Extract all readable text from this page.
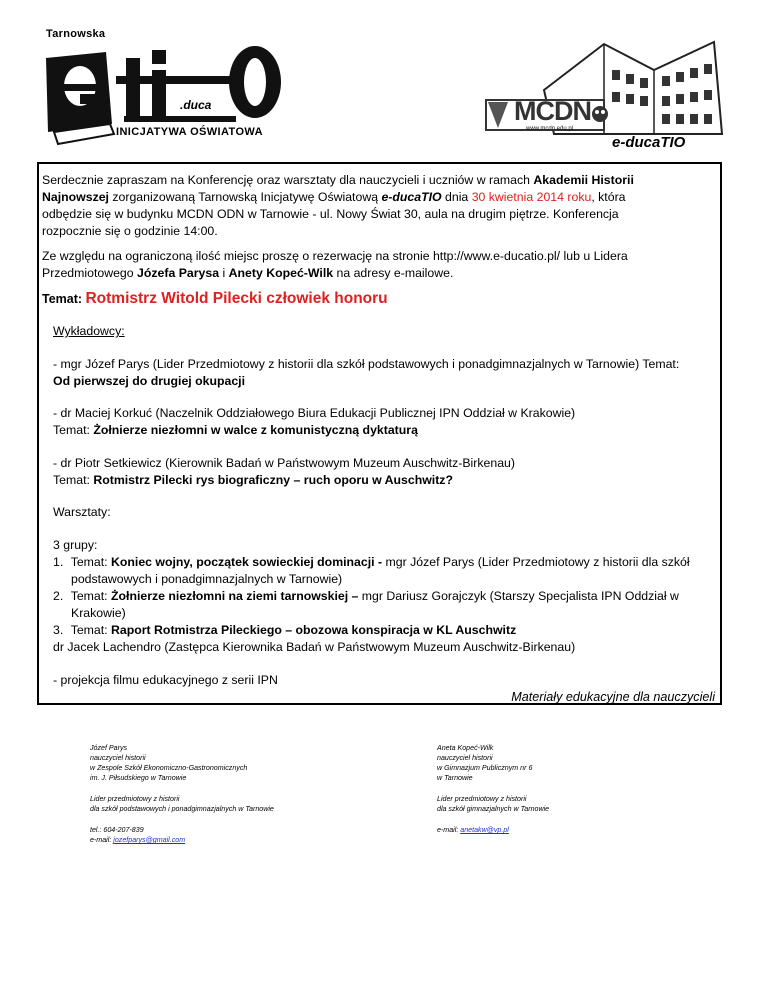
Tarnowska
.duca
INICJATYWA OŚWIATOWA
MCDN
www.mcdn.edu.pl
e-ducaTIO
Serdecznie zapraszam na Konferencję oraz warsztaty dla nauczycieli i uczniów w ramach Akademii Historii
Najnowszej zorganizowaną Tarnowską Inicjatywę Oświatową e-ducaTIO dnia 30 kwietnia 2014 roku, która
odbędzie się w budynku MCDN ODN w Tarnowie - ul. Nowy Świat 30, aula na drugim piętrze. Konferencja
rozpocznie się o godzinie 14:00.
Ze względu na ograniczoną ilość miejsc proszę o rezerwację na stronie http://www.e-ducatio.pl/ lub u Lidera
Przedmiotowego Józefa Parysa i Anety Kopeć-Wilk na adresy e-mailowe.
Temat: Rotmistrz Witold Pilecki człowiek honoru
Wykładowcy:
- mgr Józef Parys (Lider Przedmiotowy z historii dla szkół podstawowych i ponadgimnazjalnych w Tarnowie) Temat:
Od pierwszej do drugiej okupacji
- dr Maciej Korkuć (Naczelnik Oddziałowego Biura Edukacji Publicznej IPN Oddział w Krakowie)
Temat: Żołnierze niezłomni w walce z komunistyczną dyktaturą
- dr Piotr Setkiewicz (Kierownik Badań w Państwowym Muzeum Auschwitz-Birkenau)
Temat: Rotmistrz Pilecki rys biograficzny – ruch oporu w Auschwitz?
Warsztaty:
3 grupy:
1. Temat: Koniec wojny, początek sowieckiej dominacji - mgr Józef Parys (Lider Przedmiotowy z historii dla szkół
podstawowych i ponadgimnazjalnych w Tarnowie)
2. Temat: Żołnierze niezłomni na ziemi tarnowskiej – mgr Dariusz Gorajczyk (Starszy Specjalista IPN Oddział w
Krakowie)
3. Temat: Raport Rotmistrza Pileckiego – obozowa konspiracja w KL Auschwitz
dr Jacek Lachendro (Zastępca Kierownika Badań w Państwowym Muzeum Auschwitz-Birkenau)
- projekcja filmu edukacyjnego z serii IPN
Materiały edukacyjne dla nauczycieli
Józef Parys
nauczyciel historii
w Zespole Szkół Ekonomiczno-Gastronomicznych
im. J. Piłsudskiego w Tarnowie
Lider przedmiotowy z historii
dla szkół podstawowych i ponadgimnazjalnych w Tarnowie
tel.: 604-207-839
e-mail: jozefparys@gmail.com
Aneta Kopeć-Wilk
nauczyciel historii
w Gimnazjum Publicznym nr 6
w Tarnowie
Lider przedmiotowy z historii
dla szkół gimnazjalnych w Tarnowie
e-mail: anetakw@vp.pl
